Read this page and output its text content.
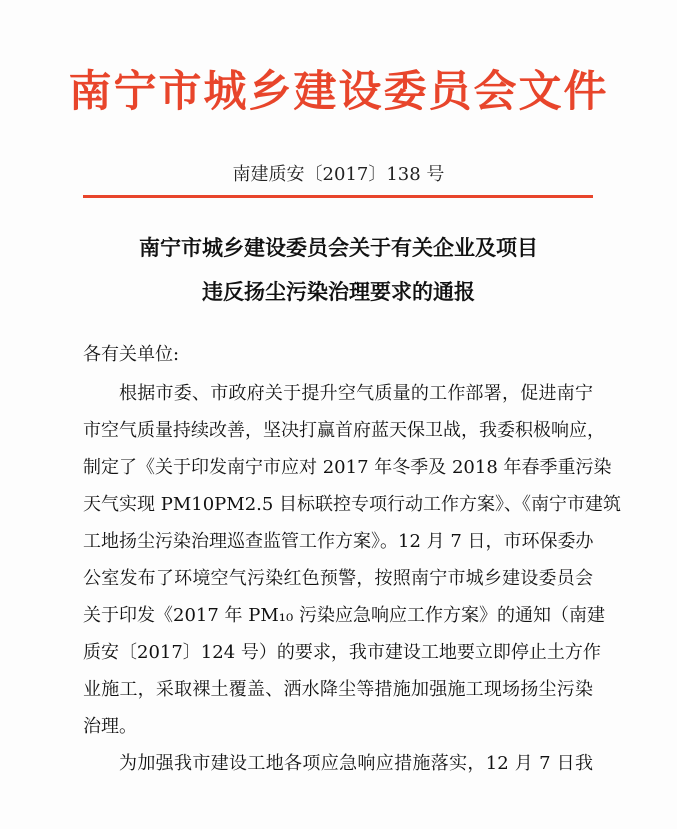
南宁市城乡建设委员会文件
南建质安〔2017〕138 号
南宁市城乡建设委员会关于有关企业及项目
违反扬尘污染治理要求的通报
各有关单位:
根据市委、市政府关于提升空气质量的工作部署，促进南宁
市空气质量持续改善，坚决打赢首府蓝天保卫战，我委积极响应，
制定了《关于印发南宁市应对 2017 年冬季及 2018 年春季重污染
天气实现 PM10PM2.5 目标联控专项行动工作方案》、《南宁市建筑
工地扬尘污染治理巡查监管工作方案》。12 月 7 日，市环保委办
公室发布了环境空气污染红色预警，按照南宁市城乡建设委员会
关于印发《2017 年 PM₁₀ 污染应急响应工作方案》的通知（南建
质安〔2017〕124 号）的要求，我市建设工地要立即停止土方作
业施工，采取裸土覆盖、洒水降尘等措施加强施工现场扬尘污染
治理。
为加强我市建设工地各项应急响应措施落实，12 月 7 日我
